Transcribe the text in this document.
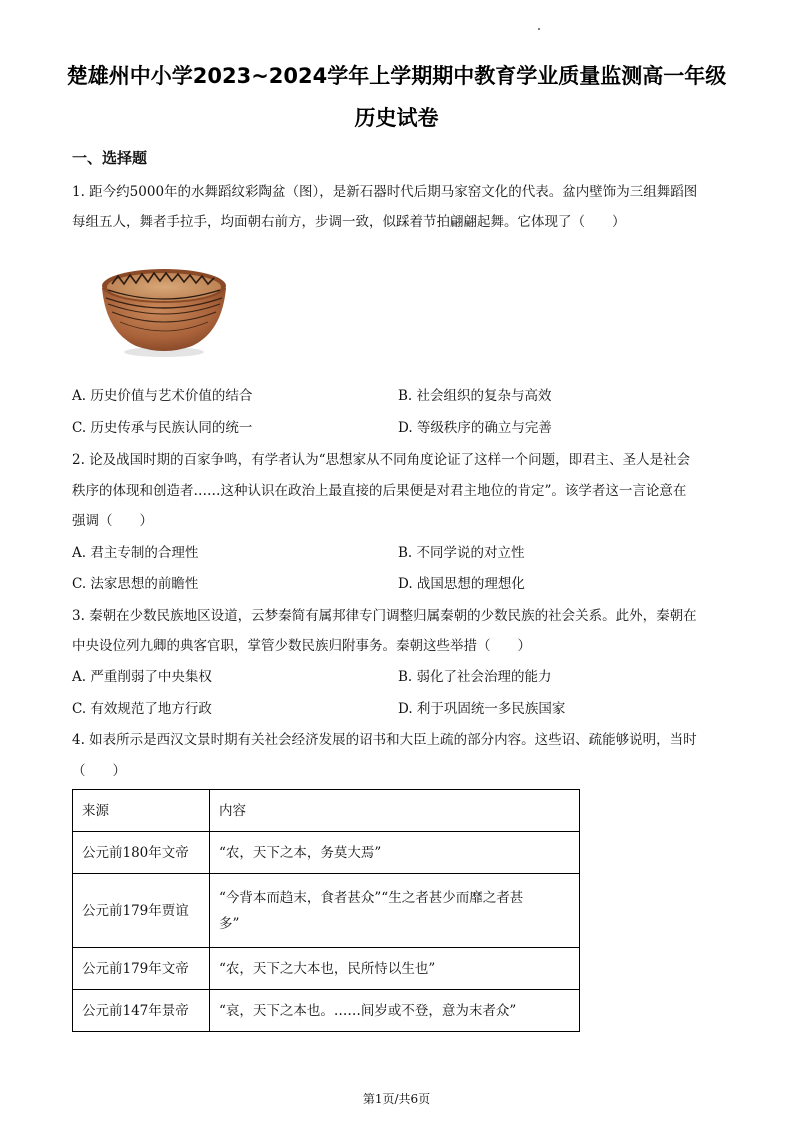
楚雄州中小学2023~2024学年上学期期中教育学业质量监测高一年级
历史试卷
一、选择题
1. 距今约5000年的水舞蹈纹彩陶盆（图），是新石器时代后期马家窑文化的代表。盆内壁饰为三组舞蹈图
每组五人，舞者手拉手，均面朝右前方，步调一致，似踩着节拍翩翩起舞。它体现了（　　）
A. 历史价值与艺术价值的结合	B. 社会组织的复杂与高效
C. 历史传承与民族认同的统一	D. 等级秩序的确立与完善
2. 论及战国时期的百家争鸣，有学者认为“思想家从不同角度论证了这样一个问题，即君主、圣人是社会
秩序的体现和创造者……这种认识在政治上最直接的后果便是对君主地位的肯定”。该学者这一言论意在
强调（　　）
A. 君主专制的合理性	B. 不同学说的对立性
C. 法家思想的前瞻性	D. 战国思想的理想化
3. 秦朝在少数民族地区设道，云梦秦简有属邦律专门调整归属秦朝的少数民族的社会关系。此外，秦朝在
中央设位列九卿的典客官职，掌管少数民族归附事务。秦朝这些举措（　　）
A. 严重削弱了中央集权	B. 弱化了社会治理的能力
C. 有效规范了地方行政	D. 利于巩固统一多民族国家
4. 如表所示是西汉文景时期有关社会经济发展的诏书和大臣上疏的部分内容。这些诏、疏能够说明，当时
（　　）
来源	内容
公元前180年文帝	“农，天下之本，务莫大焉”
公元前179年贾谊	“今背本而趋末，食者甚众”“生之者甚少而靡之者甚
多”

公元前179年文帝	“农，天下之大本也，民所恃以生也”
公元前147年景帝	“哀，天下之本也。……间岁或不登，意为末者众”
第1页/共6页
